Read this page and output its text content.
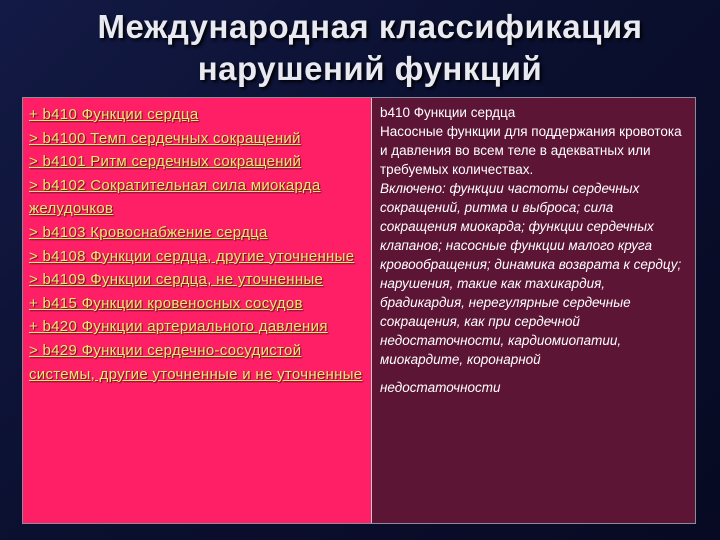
Международная классификация
нарушений функций
+ b410 Функции сердца
> b4100 Темп сердечных сокращений
> b4101 Ритм сердечных сокращений
> b4102 Сократительная сила миокарда желудочков
> b4103 Кровоснабжение сердца
> b4108 Функции сердца, другие уточненные
> b4109 Функции сердца, не уточненные
+ b415 Функции кровеносных сосудов
+ b420 Функции артериального давления
> b429 Функции сердечно-сосудистой системы, другие уточненные и не уточненные
b410 Функции сердца
Насосные функции для поддержания кровотока и давления во всем теле в адекватных или требуемых количествах.
Включено: функции частоты сердечных сокращений, ритма и выброса; сила сокращения миокарда; функции сердечных клапанов; насосные функции малого круга кровообращения; динамика возврата к сердцу; нарушения, такие как тахикардия, брадикардия, нерегулярные сердечные сокращения, как при сердечной недостаточности, кардиомиопатии, миокардите, коронарной
недостаточности
